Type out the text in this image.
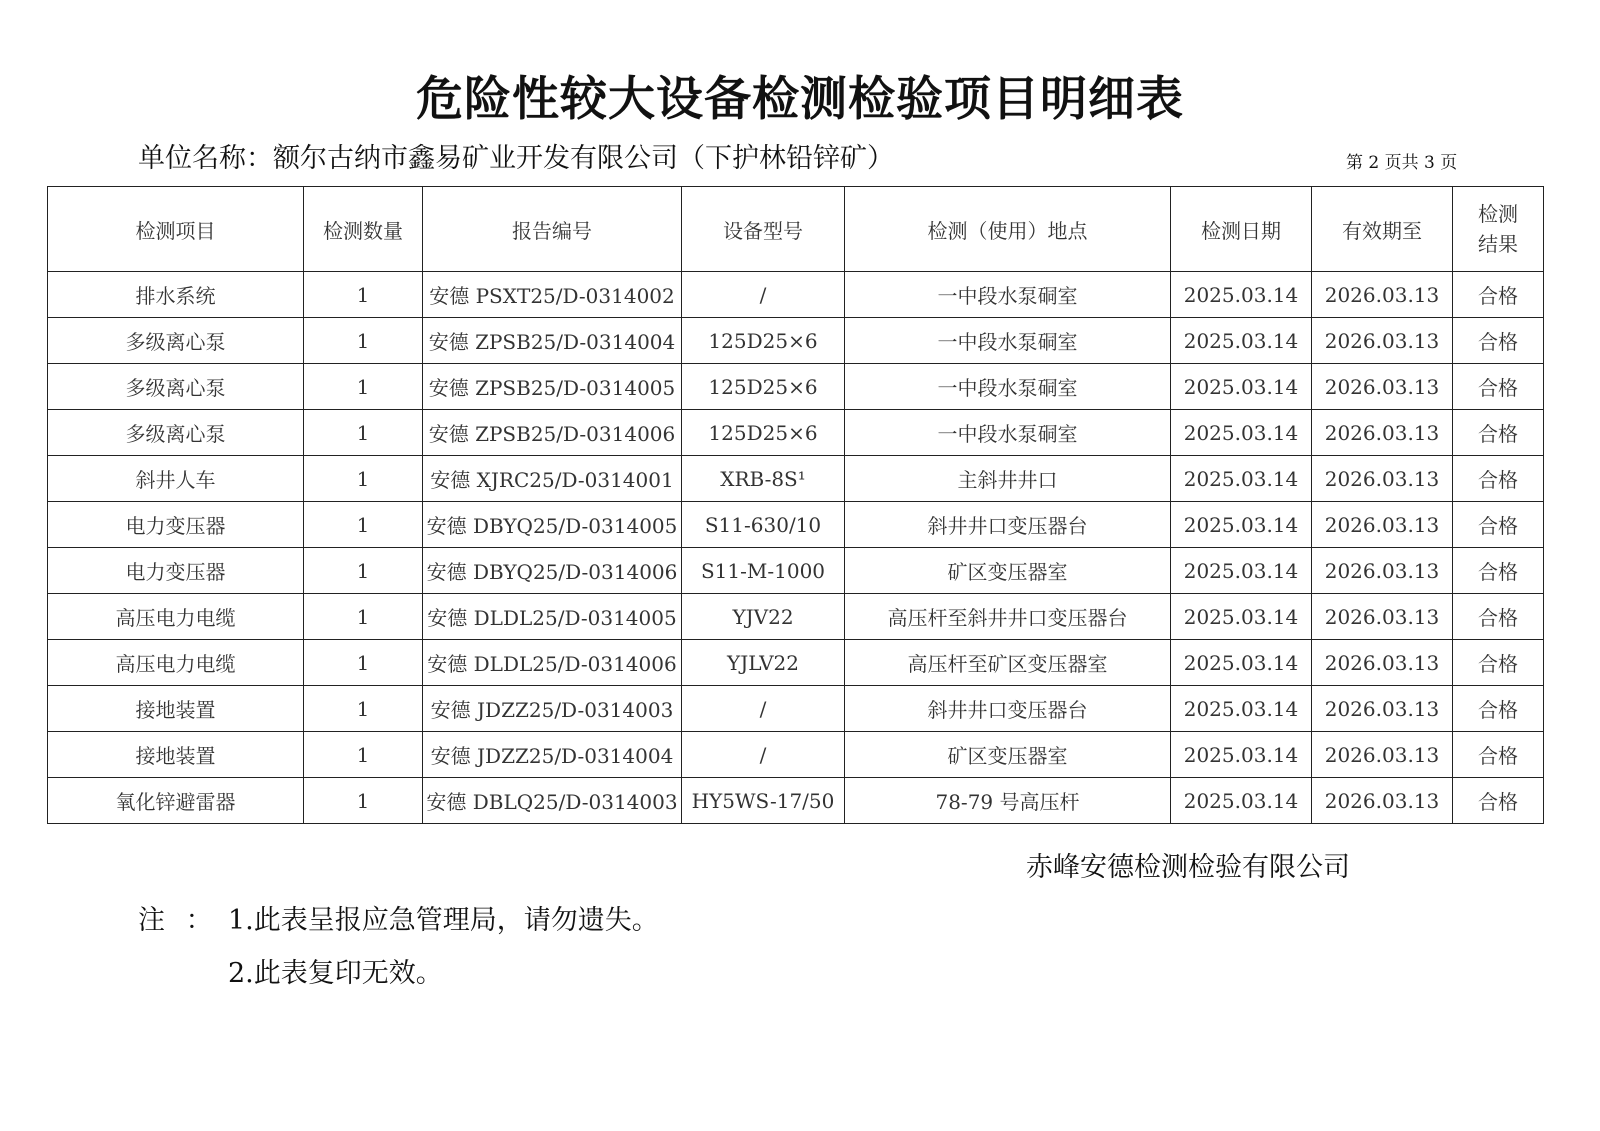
危险性较大设备检测检验项目明细表
单位名称：额尔古纳市鑫易矿业开发有限公司（下护林铅锌矿）	第 2 页共 3 页
检测项目	检测数量	报告编号	设备型号	检测（使用）地点	检测日期	有效期至	检测
结果

排水系统	1	安德 PSXT25/D-0314002	/	一中段水泵硐室	2025.03.14	2026.03.13	合格
多级离心泵	1	安德 ZPSB25/D-0314004	125D25×6	一中段水泵硐室	2025.03.14	2026.03.13	合格
多级离心泵	1	安德 ZPSB25/D-0314005	125D25×6	一中段水泵硐室	2025.03.14	2026.03.13	合格
多级离心泵	1	安德 ZPSB25/D-0314006	125D25×6	一中段水泵硐室	2025.03.14	2026.03.13	合格
斜井人车	1	安德 XJRC25/D-0314001	XRB-8S¹	主斜井井口	2025.03.14	2026.03.13	合格
电力变压器	1	安德 DBYQ25/D-0314005	S11-630/10	斜井井口变压器台	2025.03.14	2026.03.13	合格
电力变压器	1	安德 DBYQ25/D-0314006	S11-M-1000	矿区变压器室	2025.03.14	2026.03.13	合格
高压电力电缆	1	安德 DLDL25/D-0314005	YJV22	高压杆至斜井井口变压器台	2025.03.14	2026.03.13	合格
高压电力电缆	1	安德 DLDL25/D-0314006	YJLV22	高压杆至矿区变压器室	2025.03.14	2026.03.13	合格
接地装置	1	安德 JDZZ25/D-0314003	/	斜井井口变压器台	2025.03.14	2026.03.13	合格
接地装置	1	安德 JDZZ25/D-0314004	/	矿区变压器室	2025.03.14	2026.03.13	合格
氧化锌避雷器	1	安德 DBLQ25/D-0314003	HY5WS-17/50	78-79 号高压杆	2025.03.14	2026.03.13	合格
赤峰安德检测检验有限公司
注 ： 1.此表呈报应急管理局，请勿遗失。
2.此表复印无效。
